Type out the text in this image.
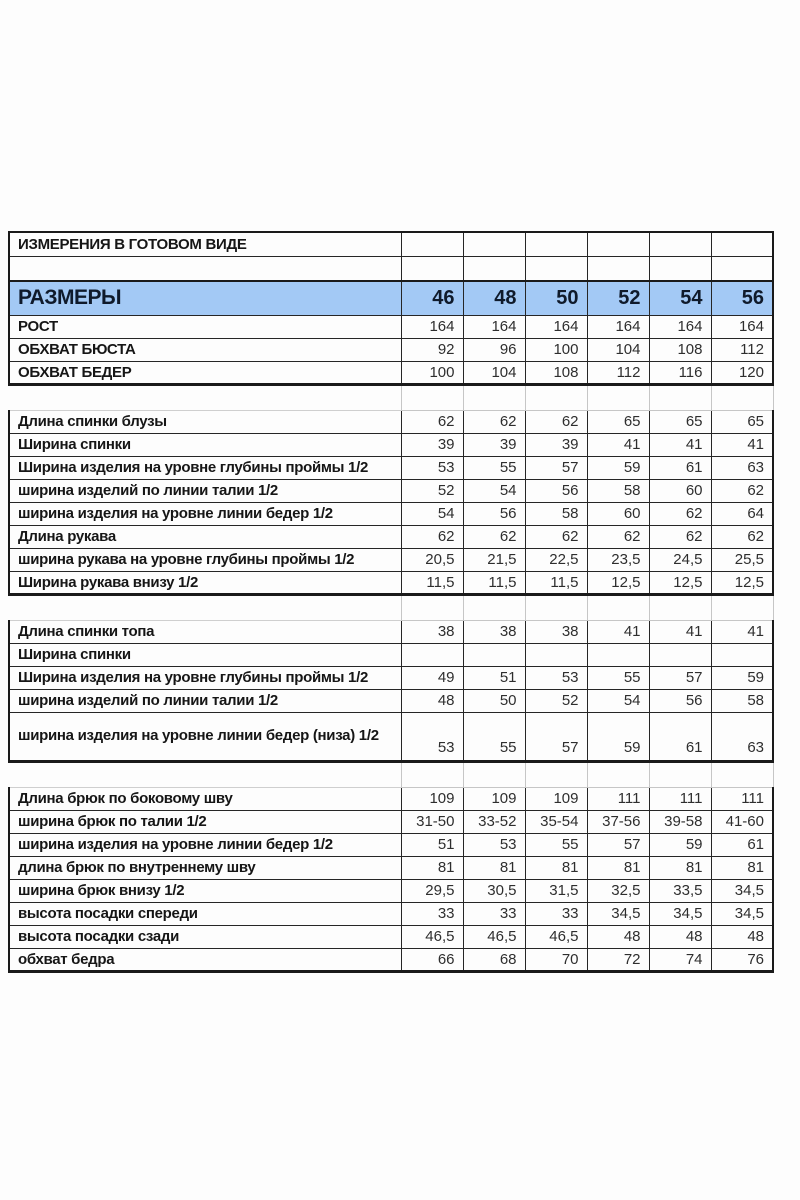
ИЗМЕРЕНИЯ В ГОТОВОМ ВИДЕ						

РАЗМЕРЫ	46	48	50	52	54	56
РОСТ	164	164	164	164	164	164
ОБХВАТ БЮСТА	92	96	100	104	108	112
ОБХВАТ БЕДЕР	100	104	108	112	116	120

Длина спинки блузы	62	62	62	65	65	65
Ширина спинки	39	39	39	41	41	41
Ширина изделия на уровне глубины проймы 1/2	53	55	57	59	61	63
ширина изделий по линии талии 1/2	52	54	56	58	60	62
ширина изделия на уровне линии бедер 1/2	54	56	58	60	62	64
Длина рукава	62	62	62	62	62	62
ширина рукава на уровне глубины проймы 1/2	20,5	21,5	22,5	23,5	24,5	25,5
Ширина рукава внизу 1/2	11,5	11,5	11,5	12,5	12,5	12,5

Длина спинки топа	38	38	38	41	41	41
Ширина спинки						
Ширина изделия на уровне глубины проймы 1/2	49	51	53	55	57	59
ширина изделий по линии талии 1/2	48	50	52	54	56	58
ширина изделия на уровне линии бедер (низа) 1/2	53	55	57	59	61	63

Длина брюк по боковому шву	109	109	109	111	111	111
ширина брюк по талии 1/2	31-50	33-52	35-54	37-56	39-58	41-60
ширина изделия на уровне линии бедер 1/2	51	53	55	57	59	61
длина брюк по внутреннему шву	81	81	81	81	81	81
ширина брюк внизу 1/2	29,5	30,5	31,5	32,5	33,5	34,5
высота посадки спереди	33	33	33	34,5	34,5	34,5
высота посадки сзади	46,5	46,5	46,5	48	48	48
обхват бедра	66	68	70	72	74	76
